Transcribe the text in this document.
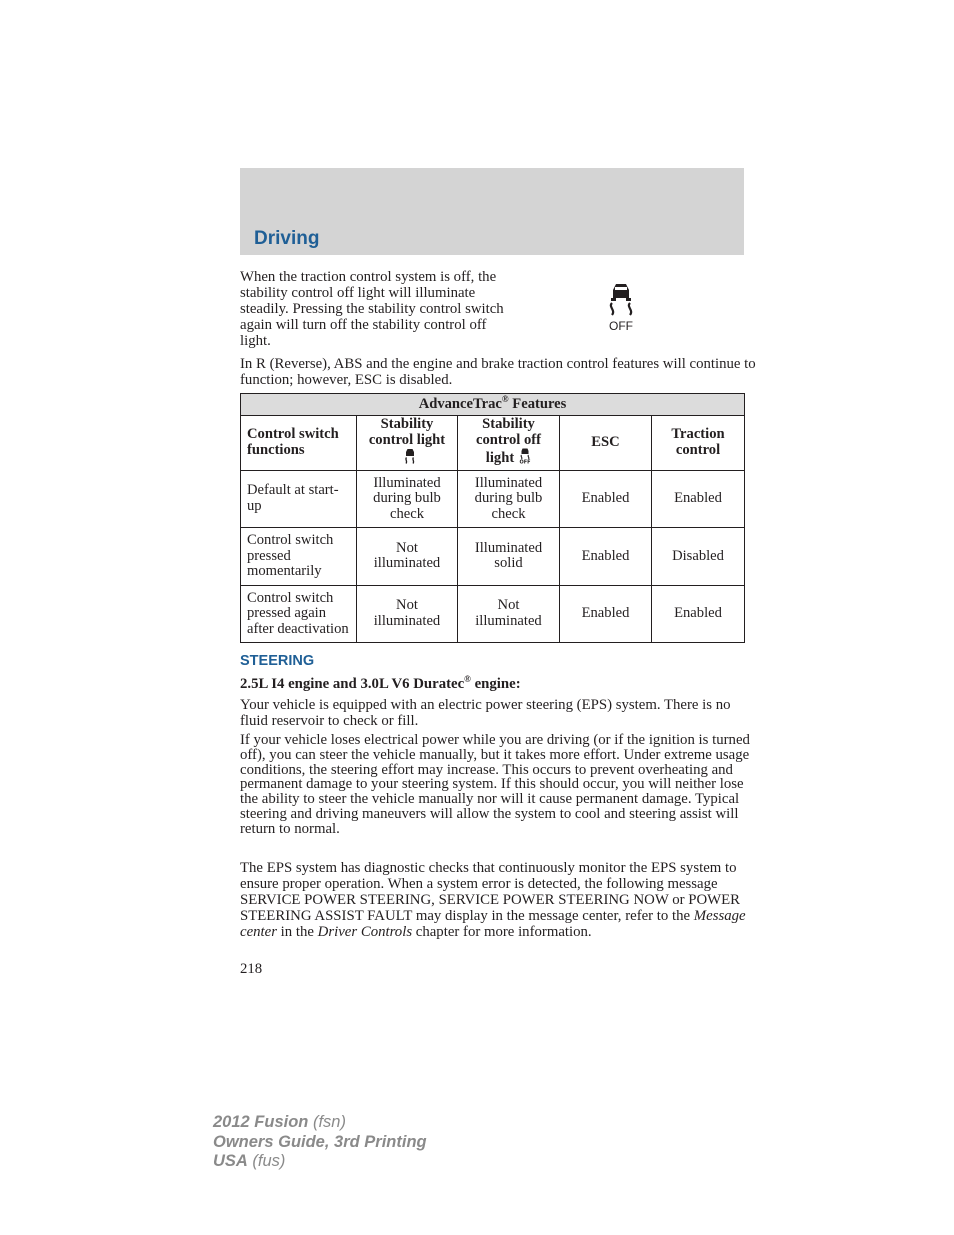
Driving

When the traction control system is off, the stability control off light will illuminate steadily. Pressing the stability control switch again will turn off the stability control off light.

OFF

In R (Reverse), ABS and the engine and brake traction control features will continue to function; however, ESC is disabled.

AdvanceTrac® Features				
Control switch functions	Stability control light	Stability control off light OFF	ESC	Traction control
Default at start-up	Illuminated during bulb check	Illuminated during bulb check	Enabled	Enabled
Control switch pressed momentarily	Not illuminated	Illuminated solid	Enabled	Disabled
Control switch pressed again after deactivation	Not illuminated	Not illuminated	Enabled	Enabled
STEERING

2.5L I4 engine and 3.0L V6 Duratec® engine:

Your vehicle is equipped with an electric power steering (EPS) system. There is no fluid reservoir to check or fill.

If your vehicle loses electrical power while you are driving (or if the ignition is turned off), you can steer the vehicle manually, but it takes more effort. Under extreme usage conditions, the steering effort may increase. This occurs to prevent overheating and permanent damage to your steering system. If this should occur, you will neither lose the ability to steer the vehicle manually nor will it cause permanent damage. Typical steering and driving maneuvers will allow the system to cool and steering assist will return to normal.

The EPS system has diagnostic checks that continuously monitor the EPS system to ensure proper operation. When a system error is detected, the following message SERVICE POWER STEERING, SERVICE POWER STEERING NOW or POWER STEERING ASSIST FAULT may display in the message center, refer to the Message center in the Driver Controls chapter for more information.

218

2012 Fusion (fsn)
Owners Guide, 3rd Printing
USA (fus)
